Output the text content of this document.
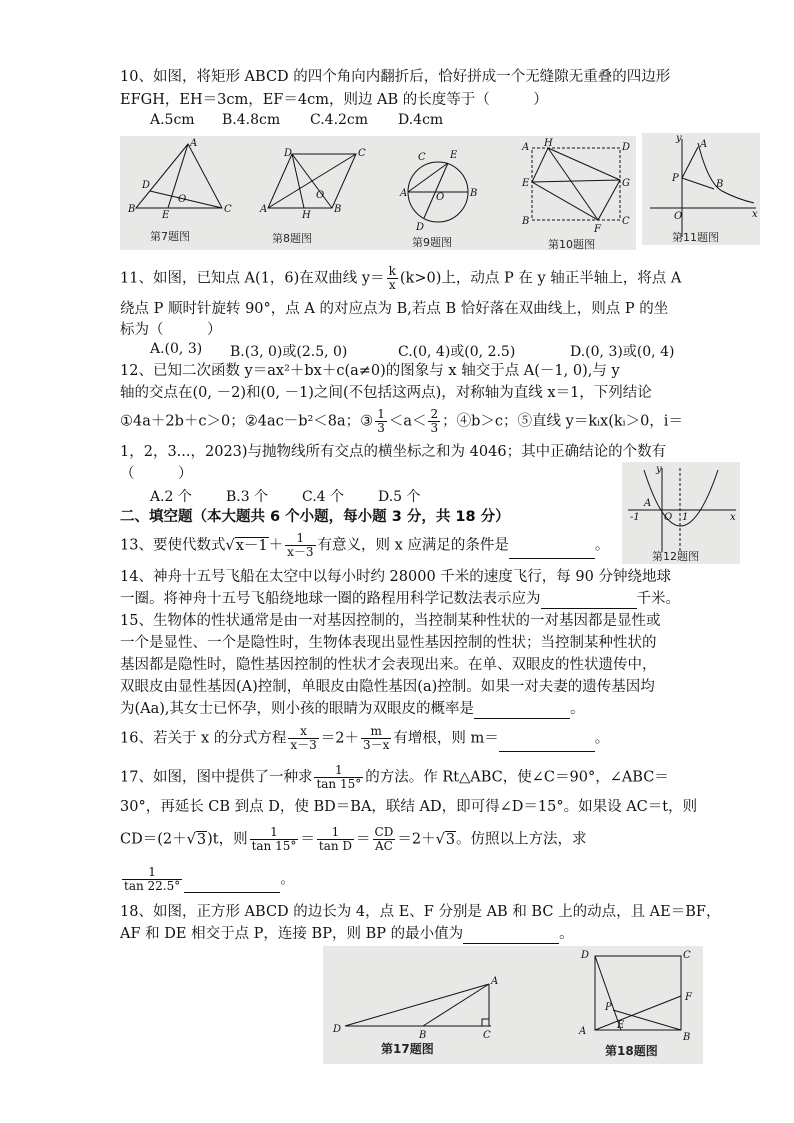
10、如图，将矩形 ABCD 的四个角向内翻折后，恰好拼成一个无缝隙无重叠的四边形
EFGH，EH＝3cm，EF＝4cm，则边 AB 的长度等于（　　　）
A.5cm B.4.8cm C.4.2cm D.4cm
A
B	C
D
E
O
D	C
A	B
H
O	A	B
E
C
D
O
A H	D
E	G
B
F
C
第7题图	第8题图	第9题图	第10题图
y
A
P
B
O	x
第11题图
11、如图，已知点 A(1，6)在双曲线 $y= \frac{k}{x} (k>0)$上，动点 P 在 y 轴正半轴上，将点 A
绕点 P 顺时针旋转 90°，点 A 的对应点为 B,若点 B 恰好落在双曲线上，则点 P 的坐
标为（　　　）
A.(0, 3) B.(3, 0)或(2.5, 0)	C.(0, 4)或(0, 2.5)	D.(0, 3)或(0, 4)
12、已知二次函数 y＝ax²＋bx＋c(a≠0)的图象与 x 轴交于点 A(－1, 0),与 y
轴的交点在(0, －2)和(0, －1)之间(不包括这两点)，对称轴为直线 x＝1，下列结论
①4a＋2b＋c＞0；②4ac－b²＜8a；③ $\frac{1}{3} <a< \frac{2}{3}$ ；④b＞c；⑤直线 y＝kᵢx(kᵢ＞0，i＝
1，2，3...，2023)与抛物线所有交点的横坐标之和为 4046；其中正确结论的个数有
（　　　）
A.2 个 B.3 个 C.4 个 D.5 个	A
-1 O 1	x
y
第12题图
二、填空题（本大题共 6 个小题，每小题 3 分，共 18 分）
13、要使代数式$√x-1+ \frac{1}{x-3}$ 有意义，则 x 应满足的条件是	。
14、神舟十五号飞船在太空中以每小时约 28000 千米的速度飞行，每 90 分钟绕地球
一圈。将神舟十五号飞船绕地球一圈的路程用科学记数法表示应为	千米。
15、生物体的性状通常是由一对基因控制的，当控制某种性状的一对基因都是显性或
一个是显性、一个是隐性时，生物体表现出显性基因控制的性状；当控制某种性状的
基因都是隐性时，隐性基因控制的性状才会表现出来。在单、双眼皮的性状遗传中，
双眼皮由显性基因(A)控制，单眼皮由隐性基因(a)控制。如果一对夫妻的遗传基因均
为(Aa),其女士已怀孕，则小孩的眼睛为双眼皮的概率是	。
16、若关于 x 的分式方程 $\frac{x}{x-3} =2+ \frac{m}{3-x}$ 有增根，则 m＝	。
17、如图，图中提供了一种求 $\frac{1}{\tan 15^\circ}$ 的方法。作 Rt△ABC，使∠C＝90°，∠ABC＝
30°，再延长 CB 到点 D，使 BD＝BA，联结 AD，即可得∠D＝15°。如果设 AC＝t，则
CD＝(2＋√3)t，则 $\frac{1}{\tan 15^\circ} = \frac{1}{\text{tan D}} = \frac{CD}{AC} =2+√3$。仿照以上方法，求
$\frac{1}{\tan 22.5^\circ}$	。
18、如图，正方形 ABCD 的边长为 4，点 E、F 分别是 AB 和 BC 上的动点，且 AE＝BF，
AF 和 DE 相交于点 P，连接 BP，则 BP 的最小值为	。
D
B	C
A
D	C
A
B
F
P
E
第17题图	第18题图
